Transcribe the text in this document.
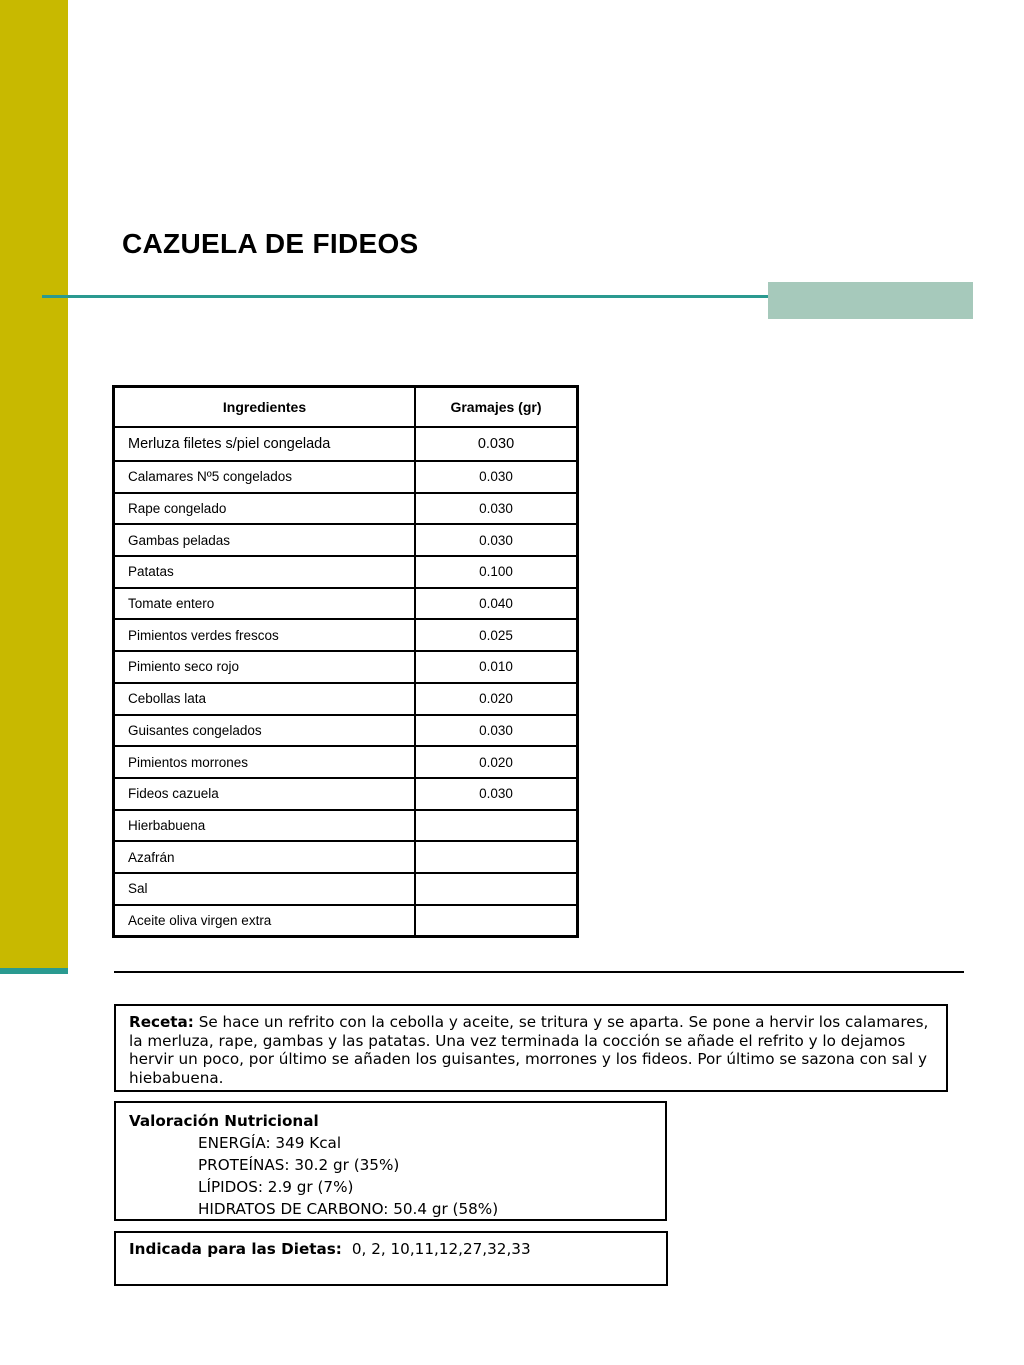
CAZUELA DE FIDEOS
Ingredientes	Gramajes (gr)
Merluza filetes s/piel congelada	0.030
Calamares Nº5 congelados	0.030
Rape congelado	0.030
Gambas peladas	0.030
Patatas	0.100
Tomate entero	0.040
Pimientos verdes frescos	0.025
Pimiento seco rojo	0.010
Cebollas lata	0.020
Guisantes congelados	0.030
Pimientos morrones	0.020
Fideos cazuela	0.030
Hierbabuena	
Azafrán	
Sal	
Aceite oliva virgen extra	
Receta: Se hace un refrito con la cebolla y aceite, se tritura y se aparta. Se pone a hervir los calamares, la merluza, rape, gambas y las patatas. Una vez terminada la cocción se añade el refrito y lo dejamos hervir un poco, por último se añaden los guisantes, morrones y los fideos. Por último se sazona con sal y hiebabuena.
Valoración Nutricional
ENERGÍA: 349 Kcal
PROTEÍNAS: 30.2 gr (35%)
LÍPIDOS: 2.9 gr (7%)
HIDRATOS DE CARBONO: 50.4 gr (58%)
Indicada para las Dietas: 0, 2, 10,11,12,27,32,33
